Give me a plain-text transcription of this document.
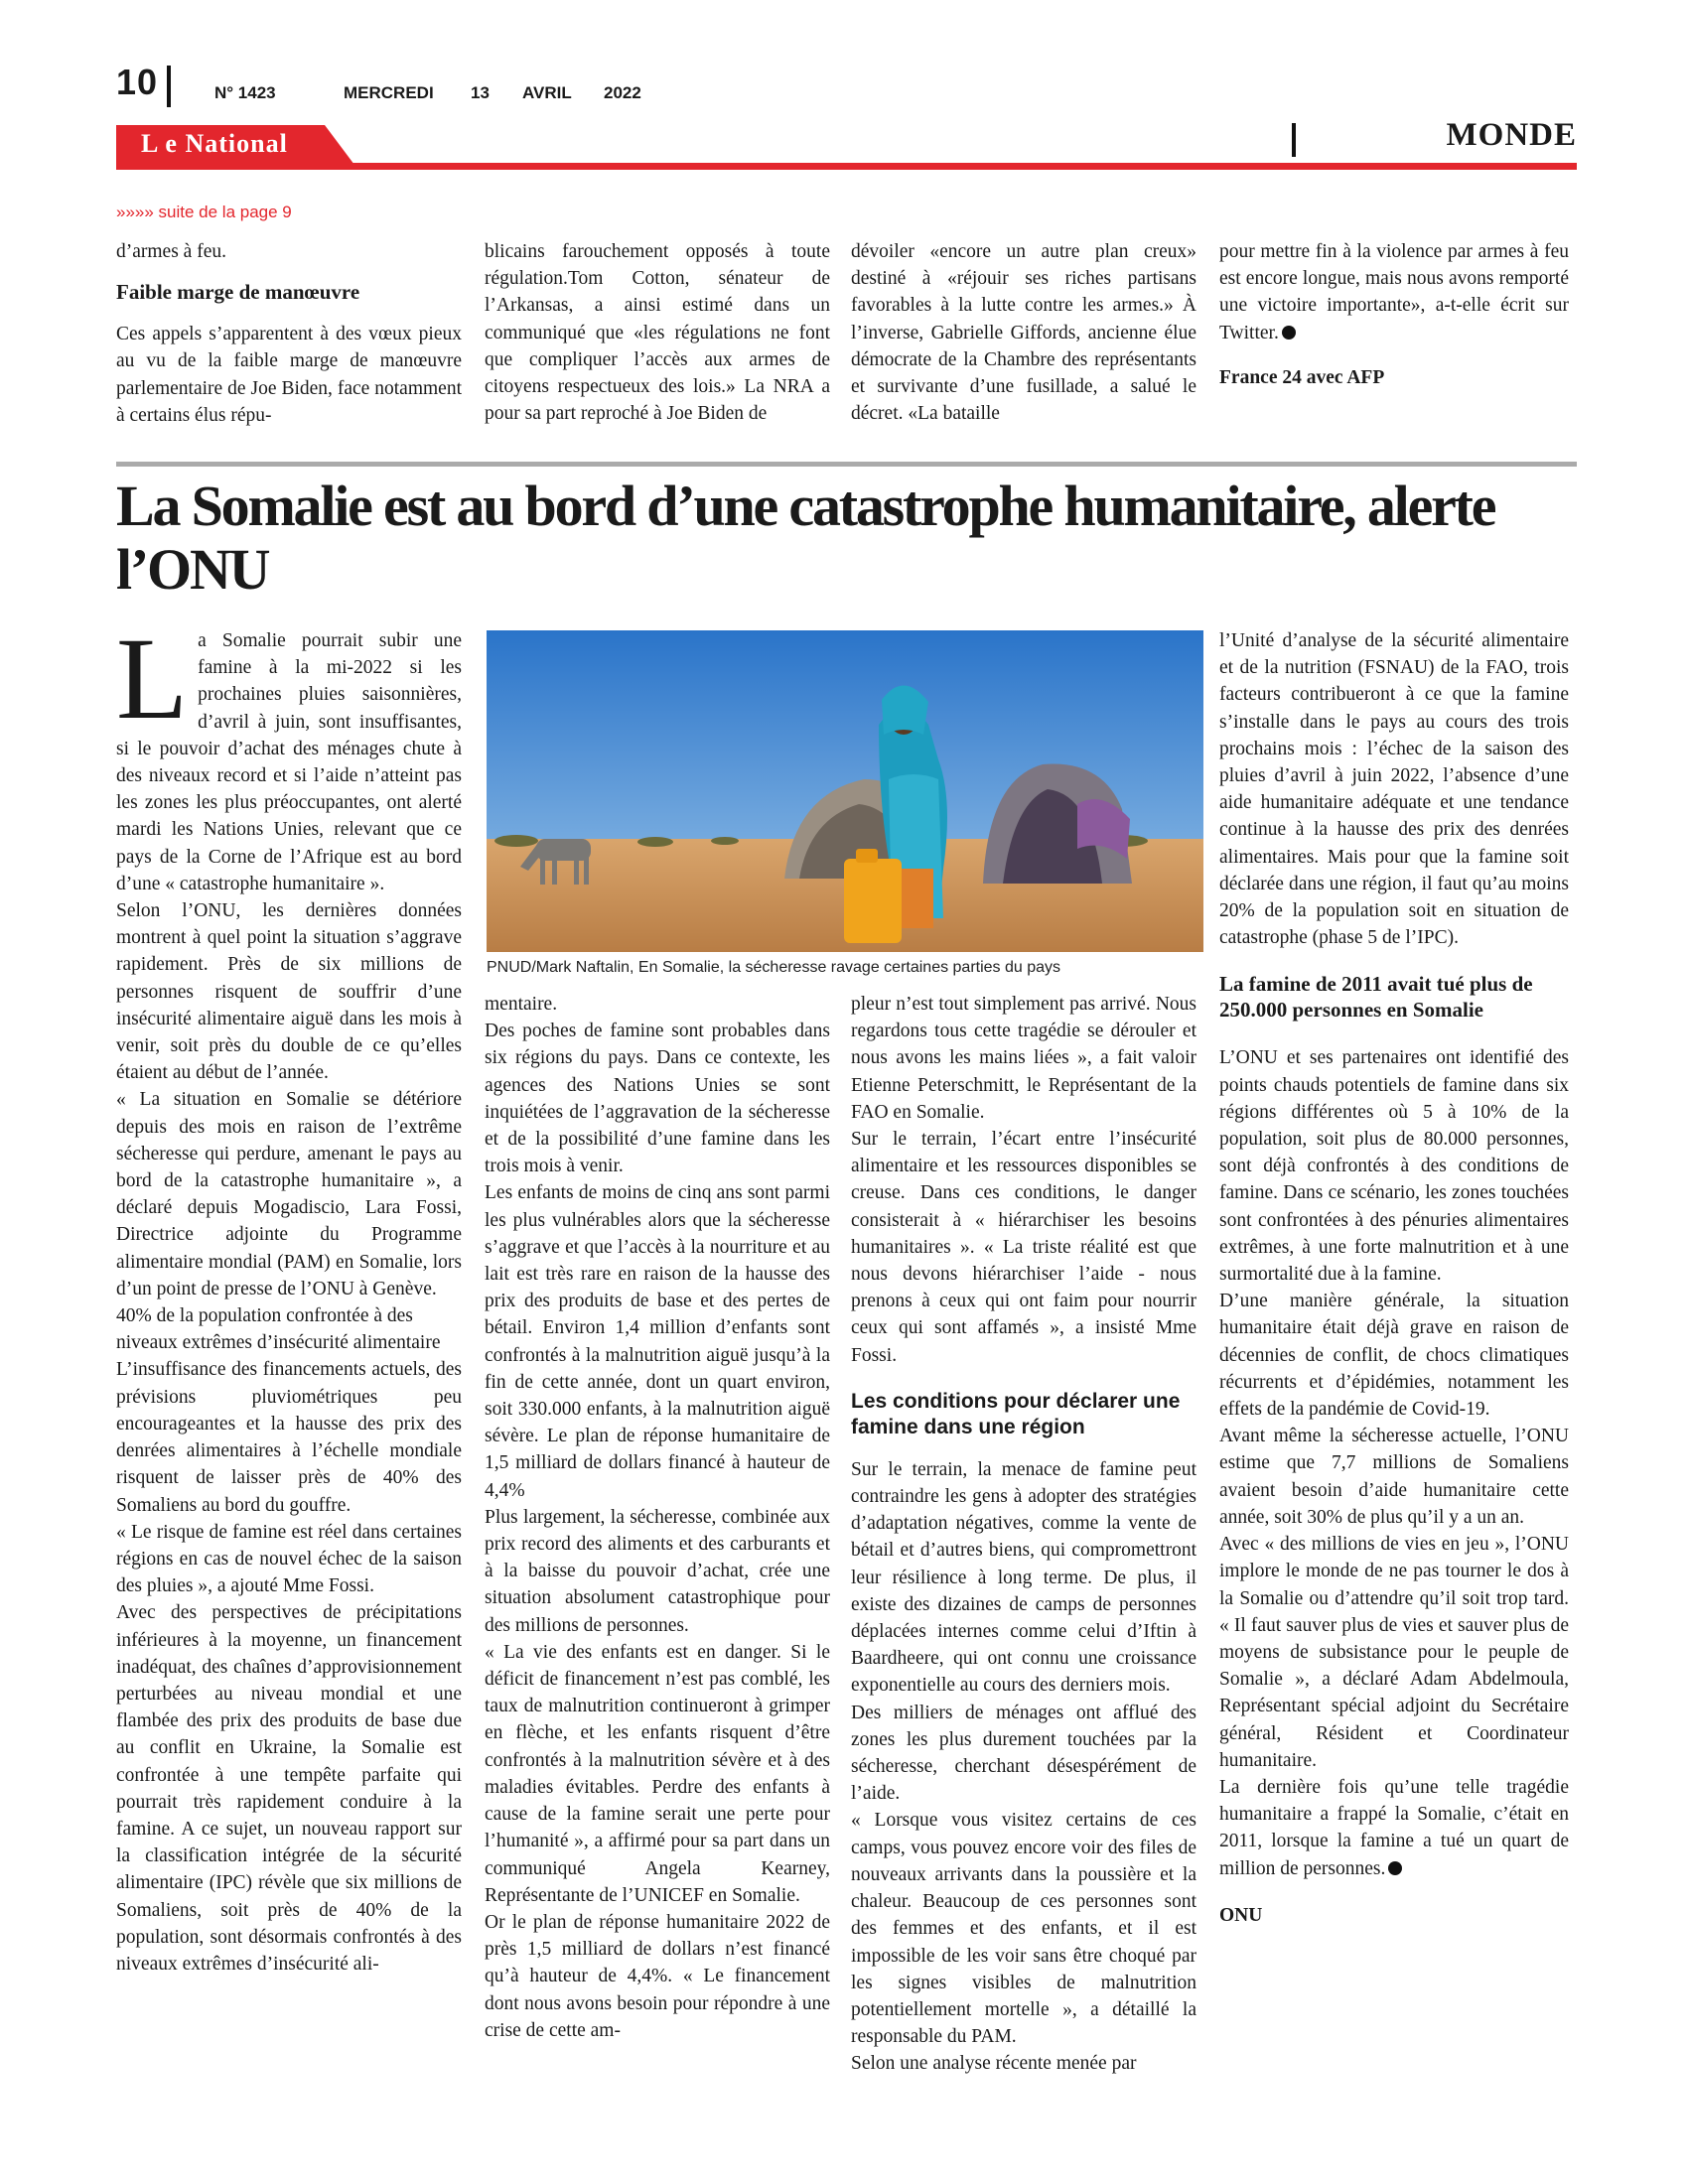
10	N° 1423	MERCREDI 13 AVRIL 2022
L e National	MONDE
»»»» suite de la page 9

d’armes à feu.

Faible marge de manœuvre

Ces appels s’apparentent à des vœux pieux au vu de la faible marge de manœuvre parlementaire de Joe Biden, face notamment à certains élus répu-

blicains farouchement opposés à toute régulation.Tom Cotton, sénateur de l’Arkansas, a ainsi estimé dans un communiqué que «les régulations ne font que compliquer l’accès aux armes de citoyens respectueux des lois.» La NRA a pour sa part reproché à Joe Biden de

dévoiler «encore un autre plan creux» destiné à «réjouir ses riches partisans favorables à la lutte contre les armes.» À l’inverse, Gabrielle Giffords, ancienne élue démocrate de la Chambre des représentants et survivante d’une fusillade, a salué le décret. «La bataille

pour mettre fin à la violence par armes à feu est encore longue, mais nous avons remporté une victoire importante», a-t-elle écrit sur Twitter.

France 24 avec AFP

La Somalie est au bord d’une catastrophe humanitaire, alerte l’ONU
PNUD/Mark Naftalin, En Somalie, la sécheresse ravage certaines parties du pays

La Somalie pourrait subir une famine à la mi-2022 si les prochaines pluies saisonnières, d’avril à juin, sont insuffisantes, si le pouvoir d’achat des ménages chute à des niveaux record et si l’aide n’atteint pas les zones les plus préoccupantes, ont alerté mardi les Nations Unies, relevant que ce pays de la Corne de l’Afrique est au bord d’une « catastrophe humanitaire ».

Selon l’ONU, les dernières données montrent à quel point la situation s’aggrave rapidement. Près de six millions de personnes risquent de souffrir d’une insécurité alimentaire aiguë dans les mois à venir, soit près du double de ce qu’elles étaient au début de l’année.

« La situation en Somalie se détériore depuis des mois en raison de l’extrême sécheresse qui perdure, amenant le pays au bord de la catastrophe humanitaire », a déclaré depuis Mogadiscio, Lara Fossi, Directrice adjointe du Programme alimentaire mondial (PAM) en Somalie, lors d’un point de presse de l’ONU à Genève.

40% de la population confrontée à des niveaux extrêmes d’insécurité alimentaire

L’insuffisance des financements actuels, des prévisions pluviométriques peu encourageantes et la hausse des prix des denrées alimentaires à l’échelle mondiale risquent de laisser près de 40% des Somaliens au bord du gouffre.

« Le risque de famine est réel dans certaines régions en cas de nouvel échec de la saison des pluies », a ajouté Mme Fossi.

Avec des perspectives de précipitations inférieures à la moyenne, un financement inadéquat, des chaînes d’approvisionnement perturbées au niveau mondial et une flambée des prix des produits de base due au conflit en Ukraine, la Somalie est confrontée à une tempête parfaite qui pourrait très rapidement conduire à la famine. A ce sujet, un nouveau rapport sur la classification intégrée de la sécurité alimentaire (IPC) révèle que six millions de Somaliens, soit près de 40% de la population, sont désormais confrontés à des niveaux extrêmes d’insécurité ali-

mentaire.

Des poches de famine sont probables dans six régions du pays. Dans ce contexte, les agences des Nations Unies se sont inquiétées de l’aggravation de la sécheresse et de la possibilité d’une famine dans les trois mois à venir.

Les enfants de moins de cinq ans sont parmi les plus vulnérables alors que la sécheresse s’aggrave et que l’accès à la nourriture et au lait est très rare en raison de la hausse des prix des produits de base et des pertes de bétail. Environ 1,4 million d’enfants sont confrontés à la malnutrition aiguë jusqu’à la fin de cette année, dont un quart environ, soit 330.000 enfants, à la malnutrition aiguë sévère. Le plan de réponse humanitaire de 1,5 milliard de dollars financé à hauteur de 4,4%

Plus largement, la sécheresse, combinée aux prix record des aliments et des carburants et à la baisse du pouvoir d’achat, crée une situation absolument catastrophique pour des millions de personnes.

« La vie des enfants est en danger. Si le déficit de financement n’est pas comblé, les taux de malnutrition continueront à grimper en flèche, et les enfants risquent d’être confrontés à la malnutrition sévère et à des maladies évitables. Perdre des enfants à cause de la famine serait une perte pour l’humanité », a affirmé pour sa part dans un communiqué Angela Kearney, Représentante de l’UNICEF en Somalie.

Or le plan de réponse humanitaire 2022 de près 1,5 milliard de dollars n’est financé qu’à hauteur de 4,4%. « Le financement dont nous avons besoin pour répondre à une crise de cette am-

pleur n’est tout simplement pas arrivé. Nous regardons tous cette tragédie se dérouler et nous avons les mains liées », a fait valoir Etienne Peterschmitt, le Représentant de la FAO en Somalie.

Sur le terrain, l’écart entre l’insécurité alimentaire et les ressources disponibles se creuse. Dans ces conditions, le danger consisterait à « hiérarchiser les besoins humanitaires ». « La triste réalité est que nous devons hiérarchiser l’aide - nous prenons à ceux qui ont faim pour nourrir ceux qui sont affamés », a insisté Mme Fossi.

Les conditions pour déclarer une famine dans une région

Sur le terrain, la menace de famine peut contraindre les gens à adopter des stratégies d’adaptation négatives, comme la vente de bétail et d’autres biens, qui compromettront leur résilience à long terme. De plus, il existe des dizaines de camps de personnes déplacées internes comme celui d’Iftin à Baardheere, qui ont connu une croissance exponentielle au cours des derniers mois.

Des milliers de ménages ont afflué des zones les plus durement touchées par la sécheresse, cherchant désespérément de l’aide.

« Lorsque vous visitez certains de ces camps, vous pouvez encore voir des files de nouveaux arrivants dans la poussière et la chaleur. Beaucoup de ces personnes sont des femmes et des enfants, et il est impossible de les voir sans être choqué par les signes visibles de malnutrition potentiellement mortelle », a détaillé la responsable du PAM.

Selon une analyse récente menée par

l’Unité d’analyse de la sécurité alimentaire et de la nutrition (FSNAU) de la FAO, trois facteurs contribueront à ce que la famine s’installe dans le pays au cours des trois prochains mois : l’échec de la saison des pluies d’avril à juin 2022, l’absence d’une aide humanitaire adéquate et une tendance continue à la hausse des prix des denrées alimentaires. Mais pour que la famine soit déclarée dans une région, il faut qu’au moins 20% de la population soit en situation de catastrophe (phase 5 de l’IPC).

La famine de 2011 avait tué plus de 250.000 personnes en Somalie

L’ONU et ses partenaires ont identifié des points chauds potentiels de famine dans six régions différentes où 5 à 10% de la population, soit plus de 80.000 personnes, sont déjà confrontés à des conditions de famine. Dans ce scénario, les zones touchées sont confrontées à des pénuries alimentaires extrêmes, à une forte malnutrition et à une surmortalité due à la famine.

D’une manière générale, la situation humanitaire était déjà grave en raison de décennies de conflit, de chocs climatiques récurrents et d’épidémies, notamment les effets de la pandémie de Covid-19.

Avant même la sécheresse actuelle, l’ONU estime que 7,7 millions de Somaliens avaient besoin d’aide humanitaire cette année, soit 30% de plus qu’il y a un an.

Avec « des millions de vies en jeu », l’ONU implore le monde de ne pas tourner le dos à la Somalie ou d’attendre qu’il soit trop tard. « Il faut sauver plus de vies et sauver plus de moyens de subsistance pour le peuple de Somalie », a déclaré Adam Abdelmoula, Représentant spécial adjoint du Secrétaire général, Résident et Coordinateur humanitaire.

La dernière fois qu’une telle tragédie humanitaire a frappé la Somalie, c’était en 2011, lorsque la famine a tué un quart de million de personnes.

ONU
